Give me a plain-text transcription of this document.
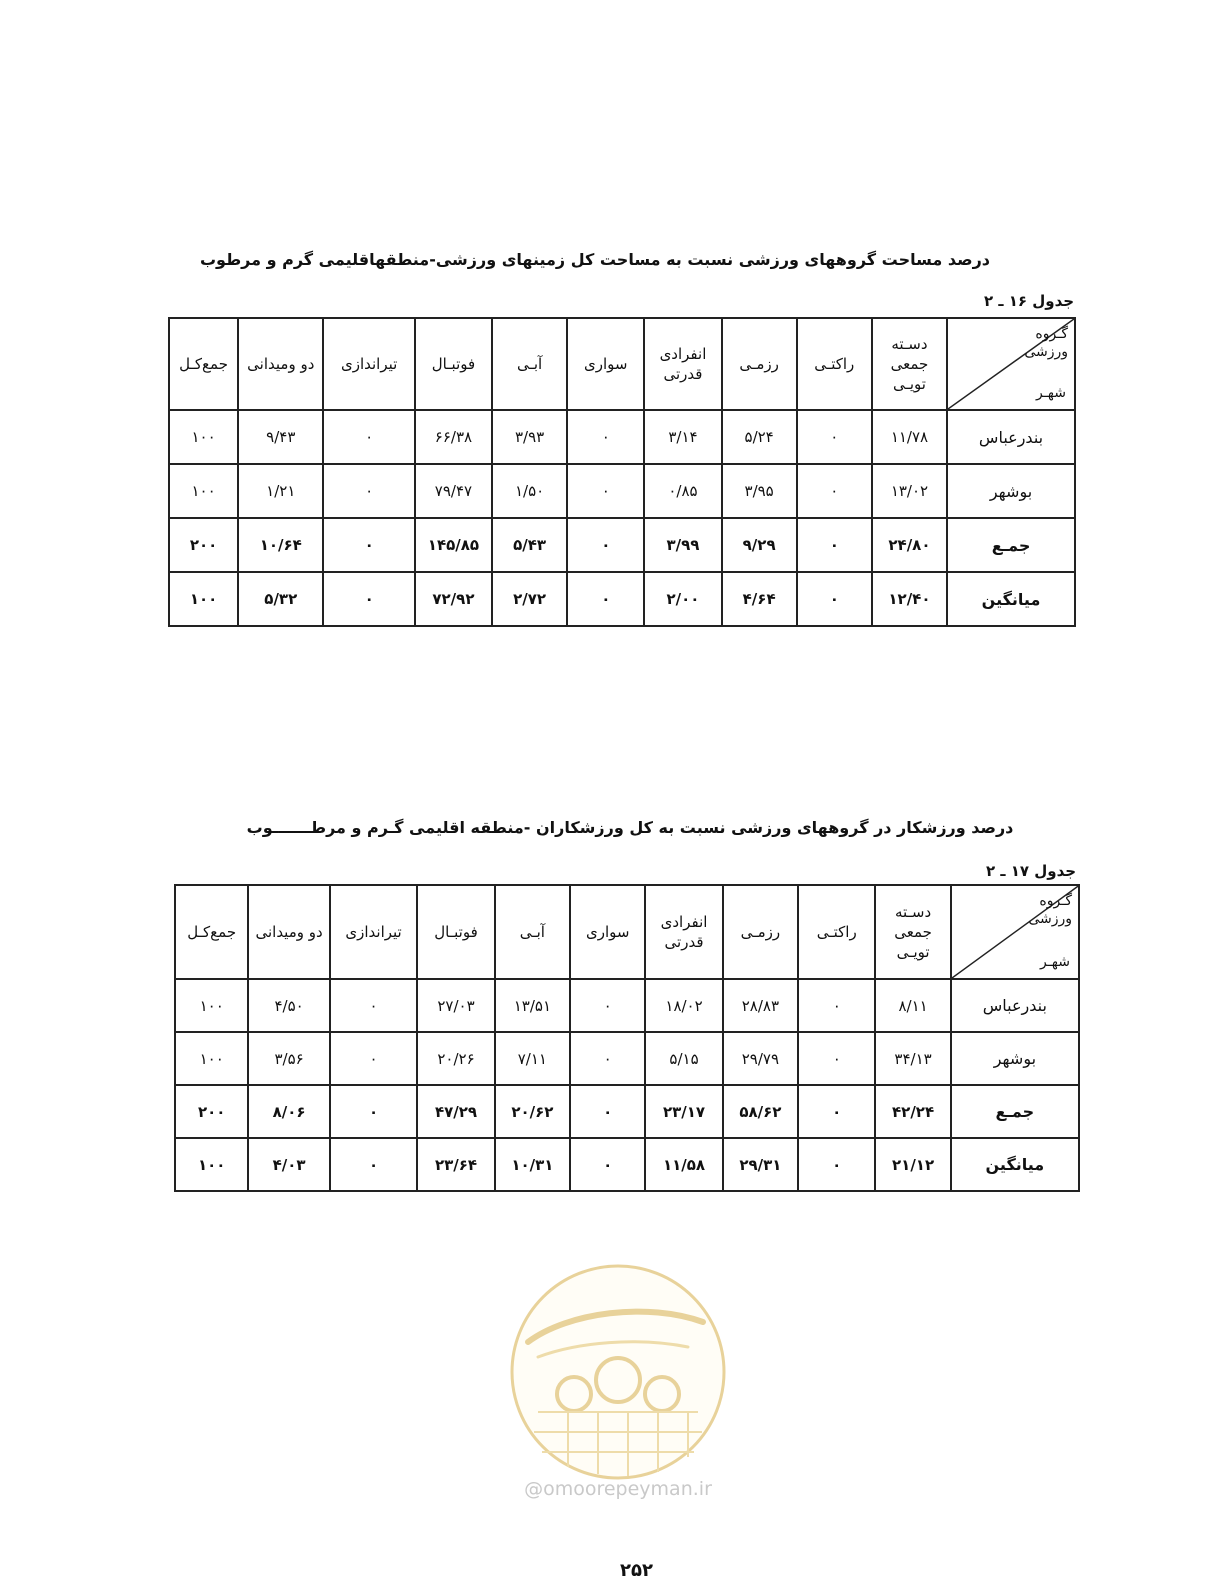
درصد مساحت گروههای ورزشی نسبت به مساحت کل زمینهای ورزشی-منطقهاقلیمی گرم و مرطوب
جدول ۱۶ ـ ۲
گـروه ورزشی
شهـر	دسـته جمعی تویـی	راکتـی	رزمـی	انفرادی قدرتی	سواری	آبـی	فوتبـال	تیراندازی	دو ومیدانی	جمع‌کـل
بندرعباس	۱۱/۷۸	۰	۵/۲۴	۳/۱۴	۰	۳/۹۳	۶۶/۳۸	۰	۹/۴۳	۱۰۰
بوشهر	۱۳/۰۲	۰	۳/۹۵	۰/۸۵	۰	۱/۵۰	۷۹/۴۷	۰	۱/۲۱	۱۰۰
جمـع	۲۴/۸۰	۰	۹/۲۹	۳/۹۹	۰	۵/۴۳	۱۴۵/۸۵	۰	۱۰/۶۴	۲۰۰
میانگین	۱۲/۴۰	۰	۴/۶۴	۲/۰۰	۰	۲/۷۲	۷۲/۹۲	۰	۵/۳۲	۱۰۰
درصد ورزشکار در گروههای ورزشی نسبت به کل ورزشکاران -منطقه اقلیمی گـرم و مرطـــــــوب
جدول ۱۷ ـ ۲
گـروه ورزشی
شهـر	دسـته جمعی تویـی	راکتـی	رزمـی	انفرادی قدرتی	سواری	آبـی	فوتبـال	تیراندازی	دو ومیدانی	جمع‌کـل
بندرعباس	۸/۱۱	۰	۲۸/۸۳	۱۸/۰۲	۰	۱۳/۵۱	۲۷/۰۳	۰	۴/۵۰	۱۰۰
بوشهر	۳۴/۱۳	۰	۲۹/۷۹	۵/۱۵	۰	۷/۱۱	۲۰/۲۶	۰	۳/۵۶	۱۰۰
جمـع	۴۲/۲۴	۰	۵۸/۶۲	۲۳/۱۷	۰	۲۰/۶۲	۴۷/۲۹	۰	۸/۰۶	۲۰۰
میانگین	۲۱/۱۲	۰	۲۹/۳۱	۱۱/۵۸	۰	۱۰/۳۱	۲۳/۶۴	۰	۴/۰۳	۱۰۰
@omoorepeyman.ir
۲۵۲
